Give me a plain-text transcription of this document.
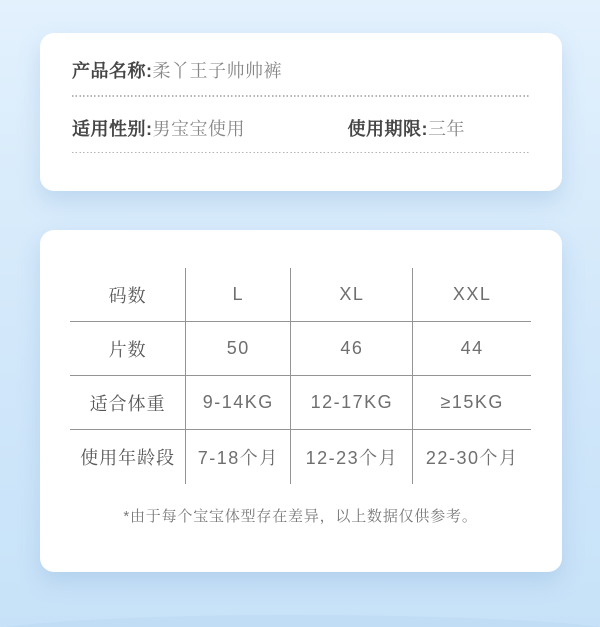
产品名称: 柔丫王子帅帅裤
适用性别: 男宝宝使用	使用期限: 三年
码数	L	XL	XXL
片数	50	46	44
适合体重	9-14KG	12-17KG	≥15KG
使用年龄段	7-18个月	12-23个月	22-30个月

*由于每个宝宝体型存在差异，以上数据仅供参考。
